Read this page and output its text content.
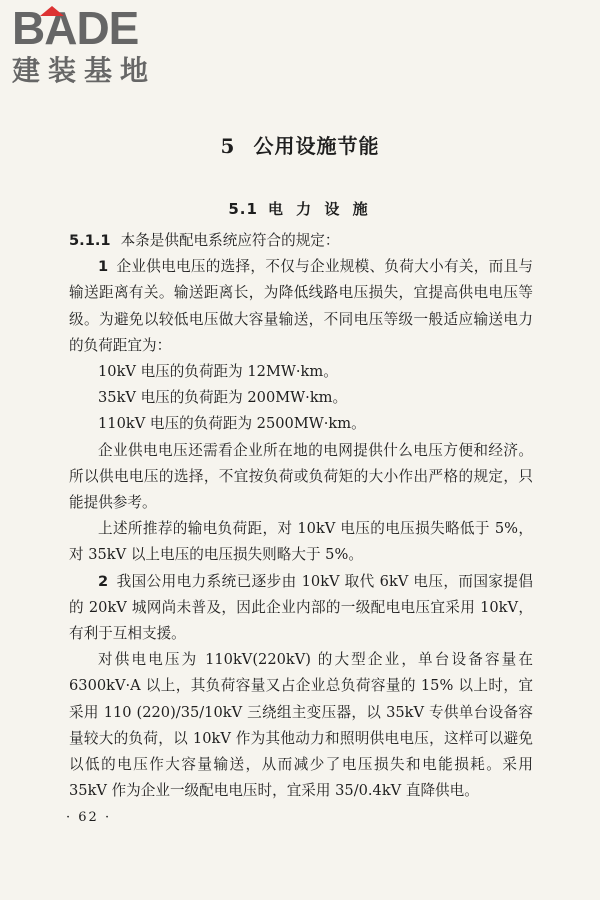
BADE
建装基地
5 公用设施节能
5.1 电 力 设 施

5.1.1 本条是供配电系统应符合的规定：

1 企业供电电压的选择，不仅与企业规模、负荷大小有关，而且与输送距离有关。输送距离长，为降低线路电压损失，宜提高供电电压等级。为避免以较低电压做大容量输送，不同电压等级一般适应输送电力的负荷距宜为：

10kV 电压的负荷距为 12MW·km。

35kV 电压的负荷距为 200MW·km。

110kV 电压的负荷距为 2500MW·km。

企业供电电压还需看企业所在地的电网提供什么电压方便和经济。所以供电电压的选择，不宜按负荷或负荷矩的大小作出严格的规定，只能提供参考。

上述所推荐的输电负荷距，对 10kV 电压的电压损失略低于 5%，对 35kV 以上电压的电压损失则略大于 5%。

2 我国公用电力系统已逐步由 10kV 取代 6kV 电压，而国家提倡的 20kV 城网尚未普及，因此企业内部的一级配电电压宜采用 10kV，有利于互相支援。

对供电电压为 110kV(220kV) 的大型企业，单台设备容量在 6300kV·A 以上，其负荷容量又占企业总负荷容量的 15% 以上时，宜采用 110 (220)/35/10kV 三绕组主变压器，以 35kV 专供单台设备容量较大的负荷，以 10kV 作为其他动力和照明供电电压，这样可以避免以低的电压作大容量输送，从而减少了电压损失和电能损耗。采用 35kV 作为企业一级配电电压时，宜采用 35/0.4kV 直降供电。

· 62 ·
